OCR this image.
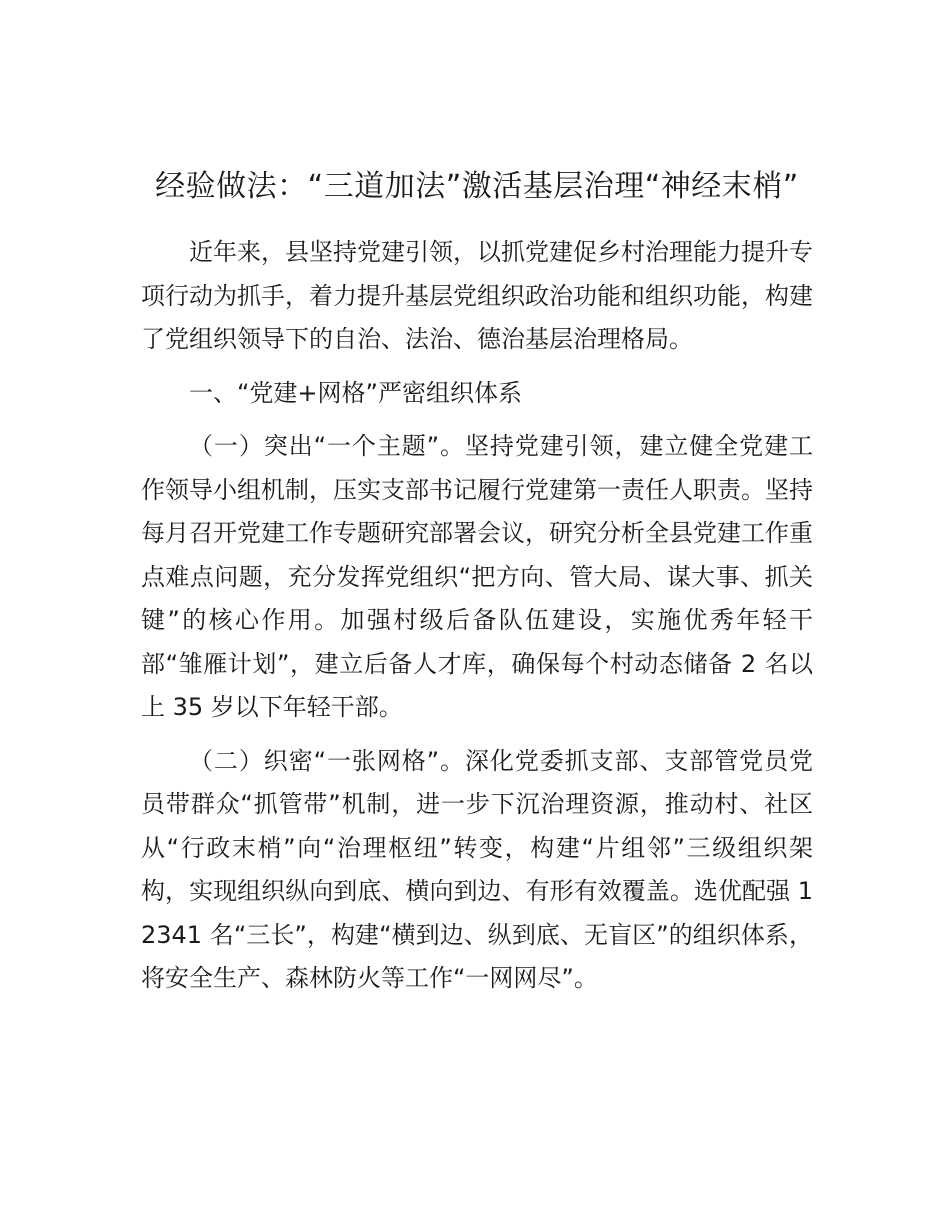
经验做法：“三道加法”激活基层治理“神经末梢”

近年来，县坚持党建引领，以抓党建促乡村治理能力提升专项行动为抓手，着力提升基层党组织政治功能和组织功能，构建了党组织领导下的自治、法治、德治基层治理格局。

一、“党建+网格”严密组织体系

（一）突出“一个主题”。坚持党建引领，建立健全党建工作领导小组机制，压实支部书记履行党建第一责任人职责。坚持每月召开党建工作专题研究部署会议，研究分析全县党建工作重点难点问题，充分发挥党组织“把方向、管大局、谋大事、抓关键”的核心作用。加强村级后备队伍建设，实施优秀年轻干部“雏雁计划”，建立后备人才库，确保每个村动态储备 2 名以上 35 岁以下年轻干部。

（二）织密“一张网格”。深化党委抓支部、支部管党员党员带群众“抓管带”机制，进一步下沉治理资源，推动村、社区从“行政末梢”向“治理枢纽”转变，构建“片组邻”三级组织架构，实现组织纵向到底、横向到边、有形有效覆盖。选优配强 12341 名“三长”，构建“横到边、纵到底、无盲区”的组织体系，将安全生产、森林防火等工作“一网网尽”。
